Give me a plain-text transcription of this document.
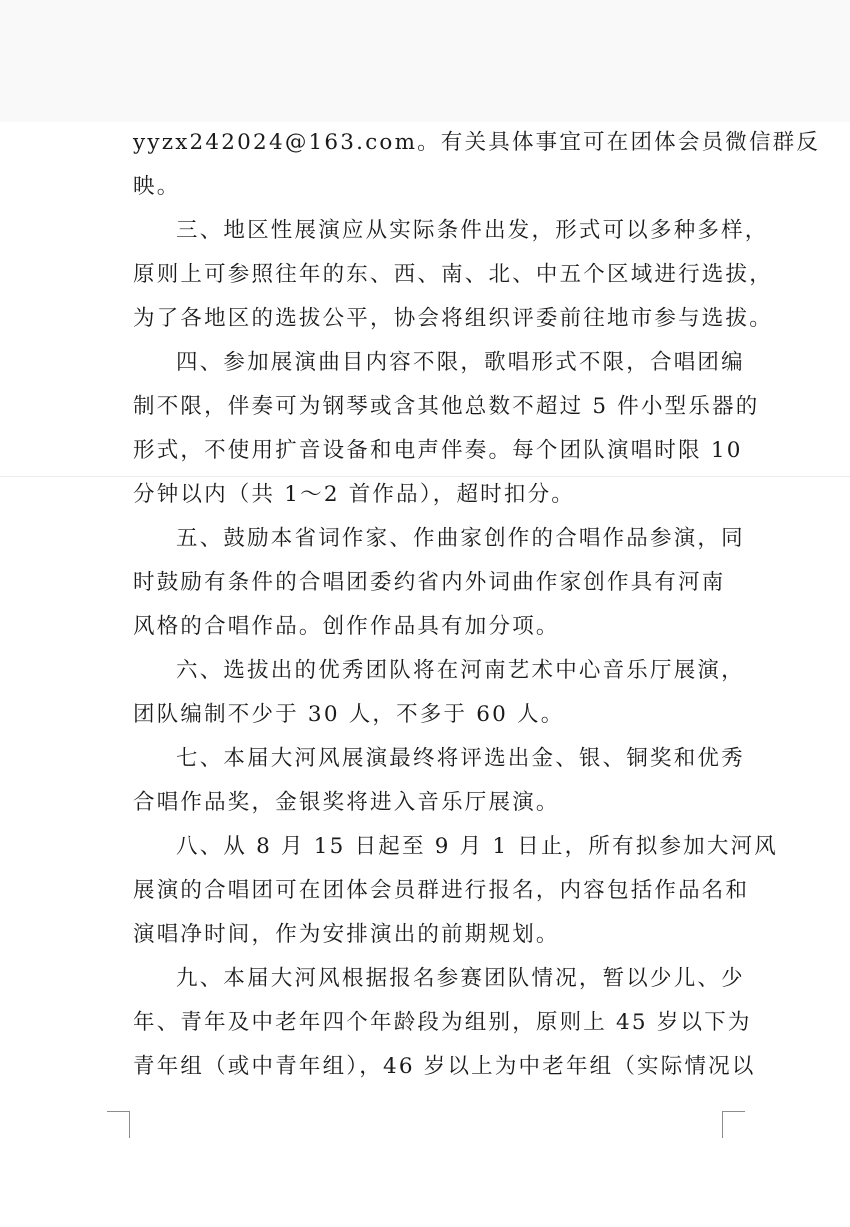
yyzx242024@163.com。有关具体事宜可在团体会员微信群反
映。
三、地区性展演应从实际条件出发，形式可以多种多样，
原则上可参照往年的东、西、南、北、中五个区域进行选拔，
为了各地区的选拔公平，协会将组织评委前往地市参与选拔。
四、参加展演曲目内容不限，歌唱形式不限，合唱团编
制不限，伴奏可为钢琴或含其他总数不超过 5 件小型乐器的
形式，不使用扩音设备和电声伴奏。每个团队演唱时限 10
分钟以内（共 1～2 首作品），超时扣分。
五、鼓励本省词作家、作曲家创作的合唱作品参演，同
时鼓励有条件的合唱团委约省内外词曲作家创作具有河南
风格的合唱作品。创作作品具有加分项。
六、选拔出的优秀团队将在河南艺术中心音乐厅展演，
团队编制不少于 30 人，不多于 60 人。
七、本届大河风展演最终将评选出金、银、铜奖和优秀
合唱作品奖，金银奖将进入音乐厅展演。
八、从 8 月 15 日起至 9 月 1 日止，所有拟参加大河风
展演的合唱团可在团体会员群进行报名，内容包括作品名和
演唱净时间，作为安排演出的前期规划。
九、本届大河风根据报名参赛团队情况，暂以少儿、少
年、青年及中老年四个年龄段为组别，原则上 45 岁以下为
青年组（或中青年组），46 岁以上为中老年组（实际情况以
